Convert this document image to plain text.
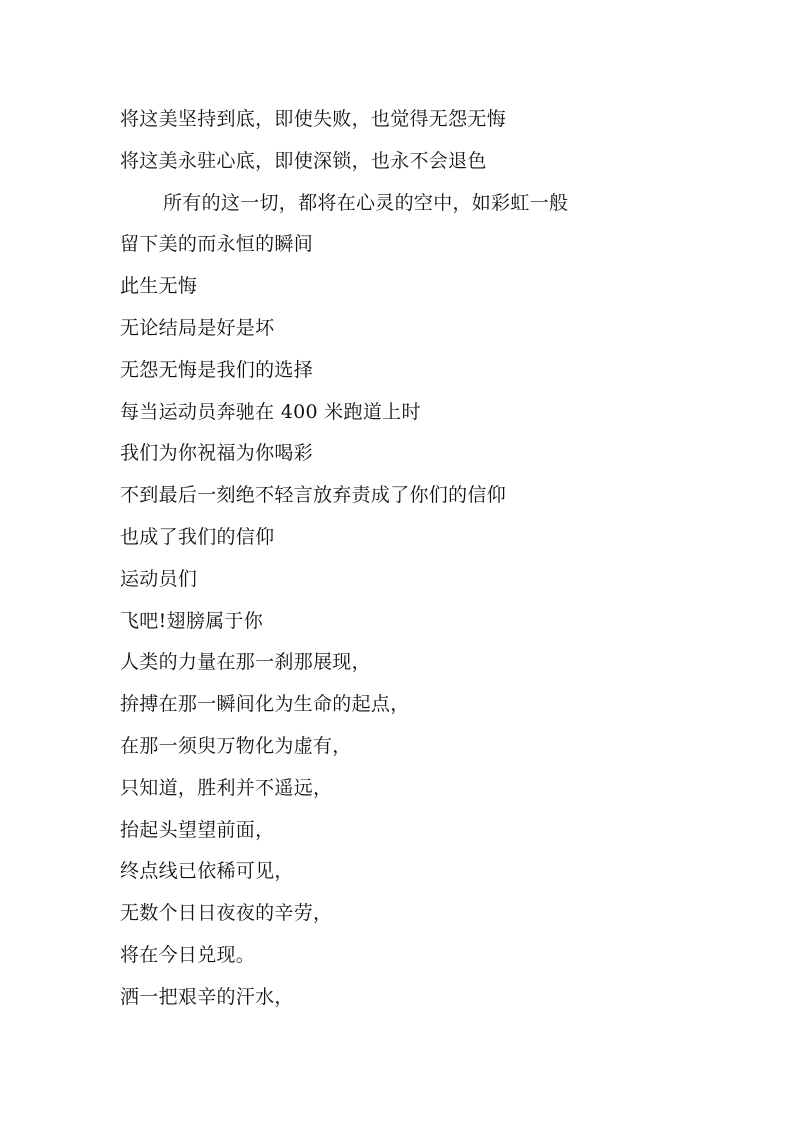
将这美坚持到底，即使失败，也觉得无怨无悔
将这美永驻心底，即使深锁，也永不会退色
所有的这一切，都将在心灵的空中，如彩虹一般
留下美的而永恒的瞬间
此生无悔
无论结局是好是坏
无怨无悔是我们的选择
每当运动员奔驰在 400 米跑道上时
我们为你祝福为你喝彩
不到最后一刻绝不轻言放弃责成了你们的信仰
也成了我们的信仰
运动员们
飞吧!翅膀属于你
人类的力量在那一刹那展现，
拚搏在那一瞬间化为生命的起点，
在那一须臾万物化为虚有，
只知道，胜利并不遥远，
抬起头望望前面，
终点线已依稀可见，
无数个日日夜夜的辛劳，
将在今日兑现。
洒一把艰辛的汗水，
